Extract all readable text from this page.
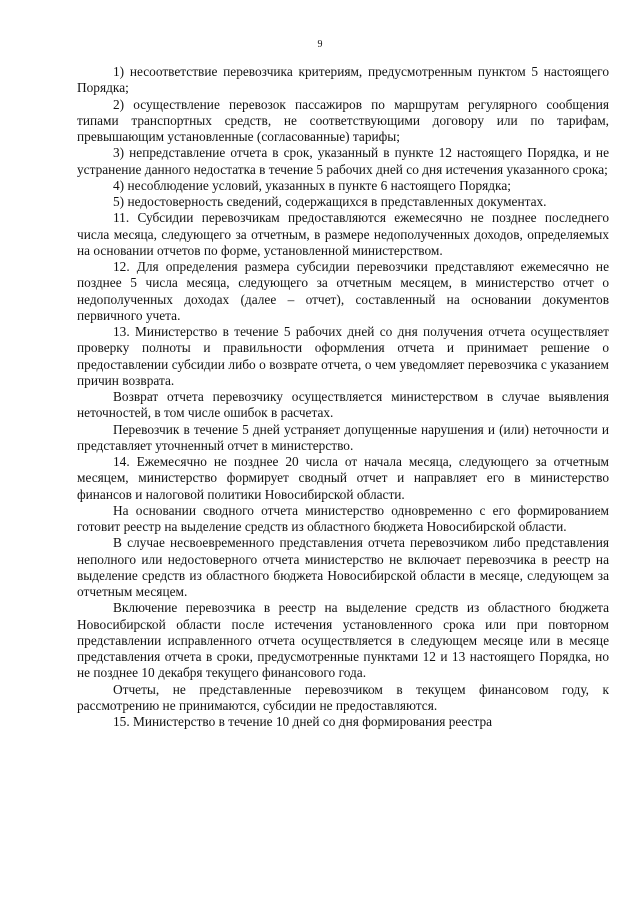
9

1) несоответствие перевозчика критериям, предусмотренным пунктом 5 настоящего Порядка;

2) осуществление перевозок пассажиров по маршрутам регулярного сообщения типами транспортных средств, не соответствующими договору или по тарифам, превышающим установленные (согласованные) тарифы;

3) непредставление отчета в срок, указанный в пункте 12 настоящего Порядка, и не устранение данного недостатка в течение 5 рабочих дней со дня истечения указанного срока;

4) несоблюдение условий, указанных в пункте 6 настоящего Порядка;

5) недостоверность сведений, содержащихся в представленных документах.

11. Субсидии перевозчикам предоставляются ежемесячно не позднее последнего числа месяца, следующего за отчетным, в размере недополученных доходов, определяемых на основании отчетов по форме, установленной министерством.

12. Для определения размера субсидии перевозчики представляют ежемесячно не позднее 5 числа месяца, следующего за отчетным месяцем, в министерство отчет о недополученных доходах (далее – отчет), составленный на основании документов первичного учета.

13. Министерство в течение 5 рабочих дней со дня получения отчета осуществляет проверку полноты и правильности оформления отчета и принимает решение о предоставлении субсидии либо о возврате отчета, о чем уведомляет перевозчика с указанием причин возврата.

Возврат отчета перевозчику осуществляется министерством в случае выявления неточностей, в том числе ошибок в расчетах.

Перевозчик в течение 5 дней устраняет допущенные нарушения и (или) неточности и представляет уточненный отчет в министерство.

14. Ежемесячно не позднее 20 числа от начала месяца, следующего за отчетным месяцем, министерство формирует сводный отчет и направляет его в министерство финансов и налоговой политики Новосибирской области.

На основании сводного отчета министерство одновременно с его формированием готовит реестр на выделение средств из областного бюджета Новосибирской области.

В случае несвоевременного представления отчета перевозчиком либо представления неполного или недостоверного отчета министерство не включает перевозчика в реестр на выделение средств из областного бюджета Новосибирской области в месяце, следующем за отчетным месяцем.

Включение перевозчика в реестр на выделение средств из областного бюджета Новосибирской области после истечения установленного срока или при повторном представлении исправленного отчета осуществляется в следующем месяце или в месяце представления отчета в сроки, предусмотренные пунктами 12 и 13 настоящего Порядка, но не позднее 10 декабря текущего финансового года.

Отчеты, не представленные перевозчиком в текущем финансовом году, к рассмотрению не принимаются, субсидии не предоставляются.

15. Министерство в течение 10 дней со дня формирования реестра
